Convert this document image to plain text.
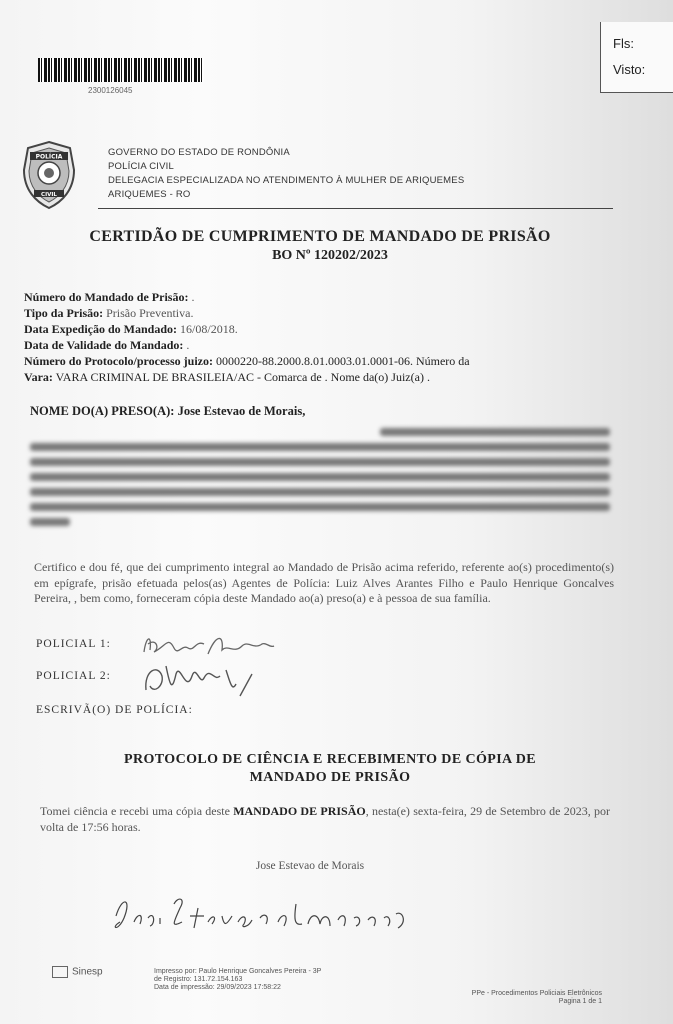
2300126045
Fls:
Visto:
POLÍCIA
CIVIL
GOVERNO DO ESTADO DE RONDÔNIA
POLÍCIA CIVIL
DELEGACIA ESPECIALIZADA NO ATENDIMENTO À MULHER DE ARIQUEMES
ARIQUEMES - RO
CERTIDÃO DE CUMPRIMENTO DE MANDADO DE PRISÃO
BO Nº 120202/2023
Número do Mandado de Prisão: .
Tipo da Prisão: Prisão Preventiva.
Data Expedição do Mandado: 16/08/2018.
Data de Validade do Mandado: .
Número do Protocolo/processo juizo: 0000220-88.2000.8.01.0003.01.0001-06. Número da
Vara: VARA CRIMINAL DE BRASILEIA/AC - Comarca de . Nome da(o) Juiz(a) .
NOME DO(A) PRESO(A): Jose Estevao de Morais,
Certifico e dou fé, que dei cumprimento integral ao Mandado de Prisão acima referido, referente ao(s) procedimento(s) em epígrafe, prisão efetuada pelos(as) Agentes de Polícia: Luiz Alves Arantes Filho e Paulo Henrique Goncalves Pereira, , bem como, forneceram cópia deste Mandado ao(a) preso(a) e à pessoa de sua família.
POLICIAL 1:
POLICIAL 2:
ESCRIVÃ(O) DE POLÍCIA:
PROTOCOLO DE CIÊNCIA E RECEBIMENTO DE CÓPIA DE
MANDADO DE PRISÃO
Tomei ciência e recebi uma cópia deste MANDADO DE PRISÃO, nesta(e) sexta-feira, 29 de Setembro de 2023, por volta de 17:56 horas.
Jose Estevao de Morais
Sinesp	Impresso por: Paulo Henrique Goncalves Pereira - 3P
de Registro: 131.72.154.163
Data de impressão: 29/09/2023 17:58:22
PPe - Procedimentos Policiais Eletrônicos
Pagina 1 de 1
